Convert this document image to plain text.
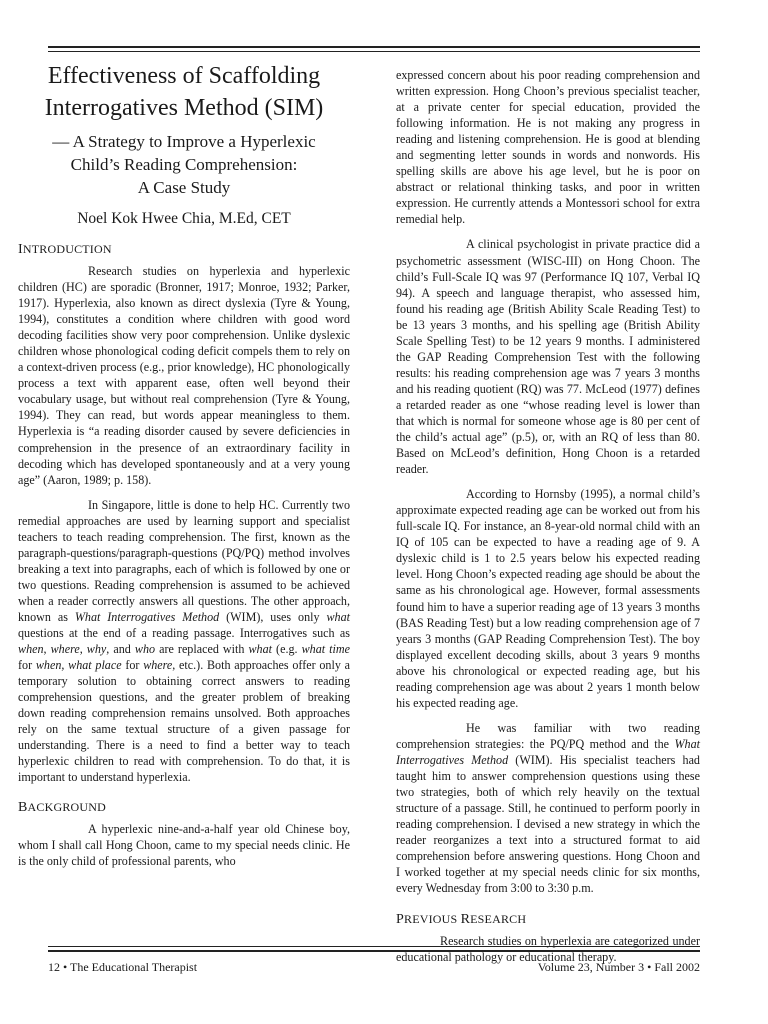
Effectiveness of Scaffolding
Interrogatives Method (SIM)
— A Strategy to Improve a Hyperlexic
Child’s Reading Comprehension:
A Case Study
Noel Kok Hwee Chia, M.Ed, CET
INTRODUCTION

Research studies on hyperlexia and hyperlexic children (HC) are sporadic (Bronner, 1917; Monroe, 1932; Parker, 1917). Hyperlexia, also known as direct dyslexia (Tyre & Young, 1994), constitutes a condition where children with good word decoding facilities show very poor comprehension. Unlike dyslexic children whose phonological coding deficit compels them to rely on a context-driven process (e.g., prior knowledge), HC phonologically process a text with apparent ease, often well beyond their vocabulary usage, but without real comprehension (Tyre & Young, 1994). They can read, but words appear meaningless to them. Hyperlexia is “a reading disorder caused by severe deficiencies in comprehension in the presence of an extraordinary facility in decoding which has developed spontaneously and at a very young age” (Aaron, 1989; p. 158).

In Singapore, little is done to help HC. Currently two remedial approaches are used by learning support and specialist teachers to teach reading comprehension. The first, known as the paragraph-questions/paragraph-questions (PQ/PQ) method involves breaking a text into paragraphs, each of which is followed by one or two questions. Reading comprehension is assumed to be achieved when a reader correctly answers all questions. The other approach, known as What Interrogatives Method (WIM), uses only what questions at the end of a reading passage. Interrogatives such as when, where, why, and who are replaced with what (e.g. what time for when, what place for where, etc.). Both approaches offer only a temporary solution to obtaining correct answers to reading comprehension questions, and the greater problem of breaking down reading comprehension remains unsolved. Both approaches rely on the same textual structure of a given passage for understanding. There is a need to find a better way to teach hyperlexic children to read with comprehension. To do that, it is important to understand hyperlexia.

BACKGROUND

A hyperlexic nine-and-a-half year old Chinese boy, whom I shall call Hong Choon, came to my special needs clinic. He is the only child of professional parents, who

expressed concern about his poor reading comprehension and written expression. Hong Choon’s previous specialist teacher, at a private center for special education, provided the following information. He is not making any progress in reading and listening comprehension. He is good at blending and segmenting letter sounds in words and nonwords. His spelling skills are above his age level, but he is poor on abstract or relational thinking tasks, and poor in written expression. He currently attends a Montessori school for extra remedial help.

A clinical psychologist in private practice did a psychometric assessment (WISC-III) on Hong Choon. The child’s Full-Scale IQ was 97 (Performance IQ 107, Verbal IQ 94). A speech and language therapist, who assessed him, found his reading age (British Ability Scale Reading Test) to be 13 years 3 months, and his spelling age (British Ability Scale Spelling Test) to be 12 years 9 months. I administered the GAP Reading Comprehension Test with the following results: his reading comprehension age was 7 years 3 months and his reading quotient (RQ) was 77. McLeod (1977) defines a retarded reader as one “whose reading level is lower than that which is normal for someone whose age is 80 per cent of the child’s actual age” (p.5), or, with an RQ of less than 80. Based on McLeod’s definition, Hong Choon is a retarded reader.

According to Hornsby (1995), a normal child’s approximate expected reading age can be worked out from his full-scale IQ. For instance, an 8-year-old normal child with an IQ of 105 can be expected to have a reading age of 9. A dyslexic child is 1 to 2.5 years below his expected reading level. Hong Choon’s expected reading age should be about the same as his chronological age. However, formal assessments found him to have a superior reading age of 13 years 3 months (BAS Reading Test) but a low reading comprehension age of 7 years 3 months (GAP Reading Comprehension Test). The boy displayed excellent decoding skills, about 3 years 9 months above his chronological or expected reading age, but his reading comprehension age was about 2 years 1 month below his expected reading age.

He was familiar with two reading comprehension strategies: the PQ/PQ method and the What Interrogatives Method (WIM). His specialist teachers had taught him to answer comprehension questions using these two strategies, both of which rely heavily on the textual structure of a passage. Still, he continued to perform poorly in reading comprehension. I devised a new strategy in which the reader reorganizes a text into a structured format to aid comprehension before answering questions. Hong Choon and I worked together at my special needs clinic for six months, every Wednesday from 3:00 to 3:30 p.m.

PREVIOUS RESEARCH

Research studies on hyperlexia are categorized under educational pathology or educational therapy.

12 • The Educational Therapist	Volume 23, Number 3 • Fall 2002
